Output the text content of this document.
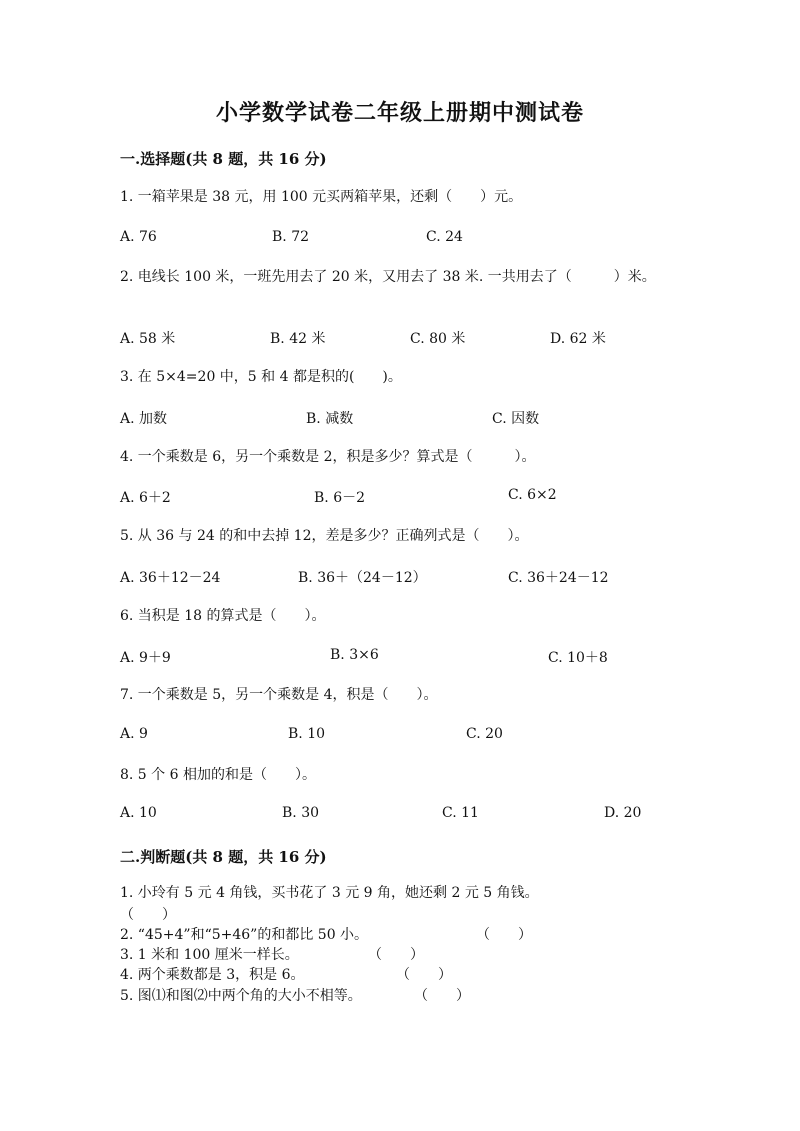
小学数学试卷二年级上册期中测试卷
一.选择题(共 8 题，共 16 分)
1. 一箱苹果是 38 元，用 100 元买两箱苹果，还剩（　　）元。
A. 76	B. 72	C. 24
2. 电线长 100 米，一班先用去了 20 米，又用去了 38 米. 一共用去了（　　　）米。
A. 58 米	B. 42 米	C. 80 米	D. 62 米
3. 在 5×4=20 中，5 和 4 都是积的(　　)。
A. 加数	B. 减数	C. 因数
4. 一个乘数是 6，另一个乘数是 2，积是多少？算式是（　　　）。
A. 6＋2	B. 6－2	C. 6×2
5. 从 36 与 24 的和中去掉 12，差是多少？正确列式是（　　）。
A. 36＋12－24	B. 36＋（24－12）	C. 36＋24－12
6. 当积是 18 的算式是（　　）。
A. 9＋9	B. 3×6	C. 10＋8
7. 一个乘数是 5，另一个乘数是 4，积是（　　）。
A. 9	B. 10	C. 20
8. 5 个 6 相加的和是（　　）。
A. 10	B. 30	C. 11	D. 20
二.判断题(共 8 题，共 16 分)
1. 小玲有 5 元 4 角钱，买书花了 3 元 9 角，她还剩 2 元 5 角钱。
（　　）
2. “45+4”和“5+46”的和都比 50 小。	（　　）
3. 1 米和 100 厘米一样长。	（　　）
4. 两个乘数都是 3，积是 6。	（　　）
5. 图⑴和图⑵中两个角的大小不相等。	（　　）
